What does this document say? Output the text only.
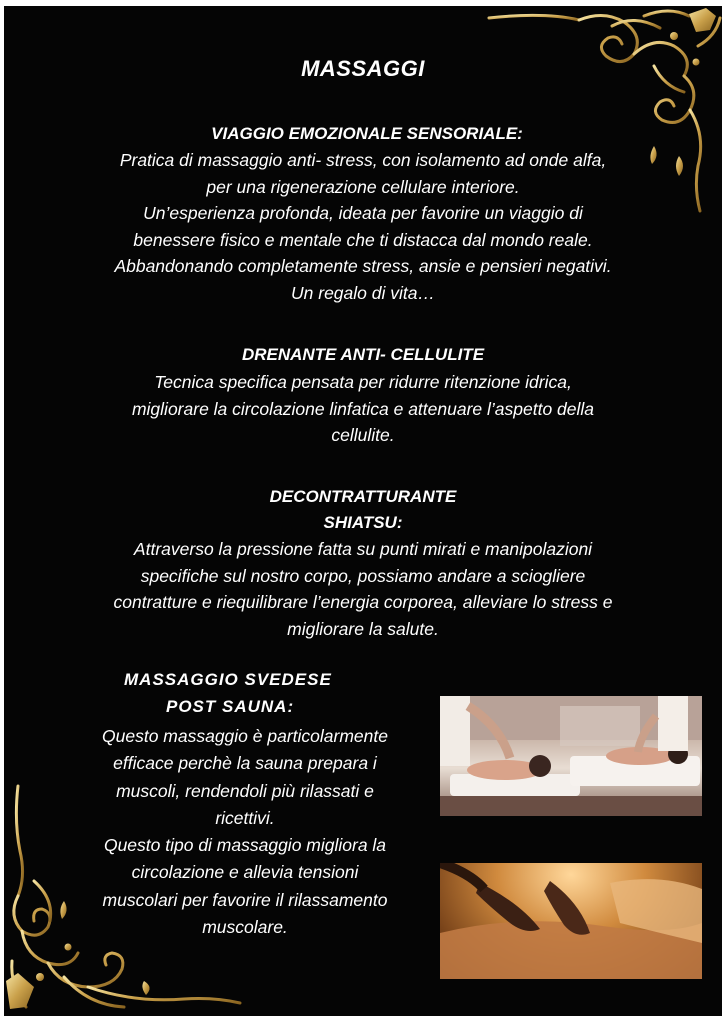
MASSAGGI
VIAGGIO EMOZIONALE SENSORIALE:
Pratica di massaggio anti- stress, con isolamento ad onde alfa,
per una rigenerazione cellulare interiore.
Un’esperienza profonda, ideata per favorire un viaggio di
benessere fisico e mentale che ti distacca dal mondo reale.
Abbandonando completamente stress, ansie e pensieri negativi.
Un regalo di vita…
DRENANTE ANTI- CELLULITE
Tecnica specifica pensata per ridurre ritenzione idrica,
migliorare la circolazione linfatica e attenuare l’aspetto della
cellulite.
DECONTRATTURANTE
SHIATSU:
Attraverso la pressione fatta su punti mirati e manipolazioni
specifiche sul nostro corpo, possiamo andare a sciogliere
contratture e riequilibrare l’energia corporea, alleviare lo stress e
migliorare la salute.
MASSAGGIO SVEDESE
POST SAUNA:
Questo massaggio è particolarmente
efficace perchè la sauna prepara i
muscoli, rendendoli più rilassati e
ricettivi.
Questo tipo di massaggio migliora la
circolazione e allevia tensioni
muscolari per favorire il rilassamento
muscolare.
